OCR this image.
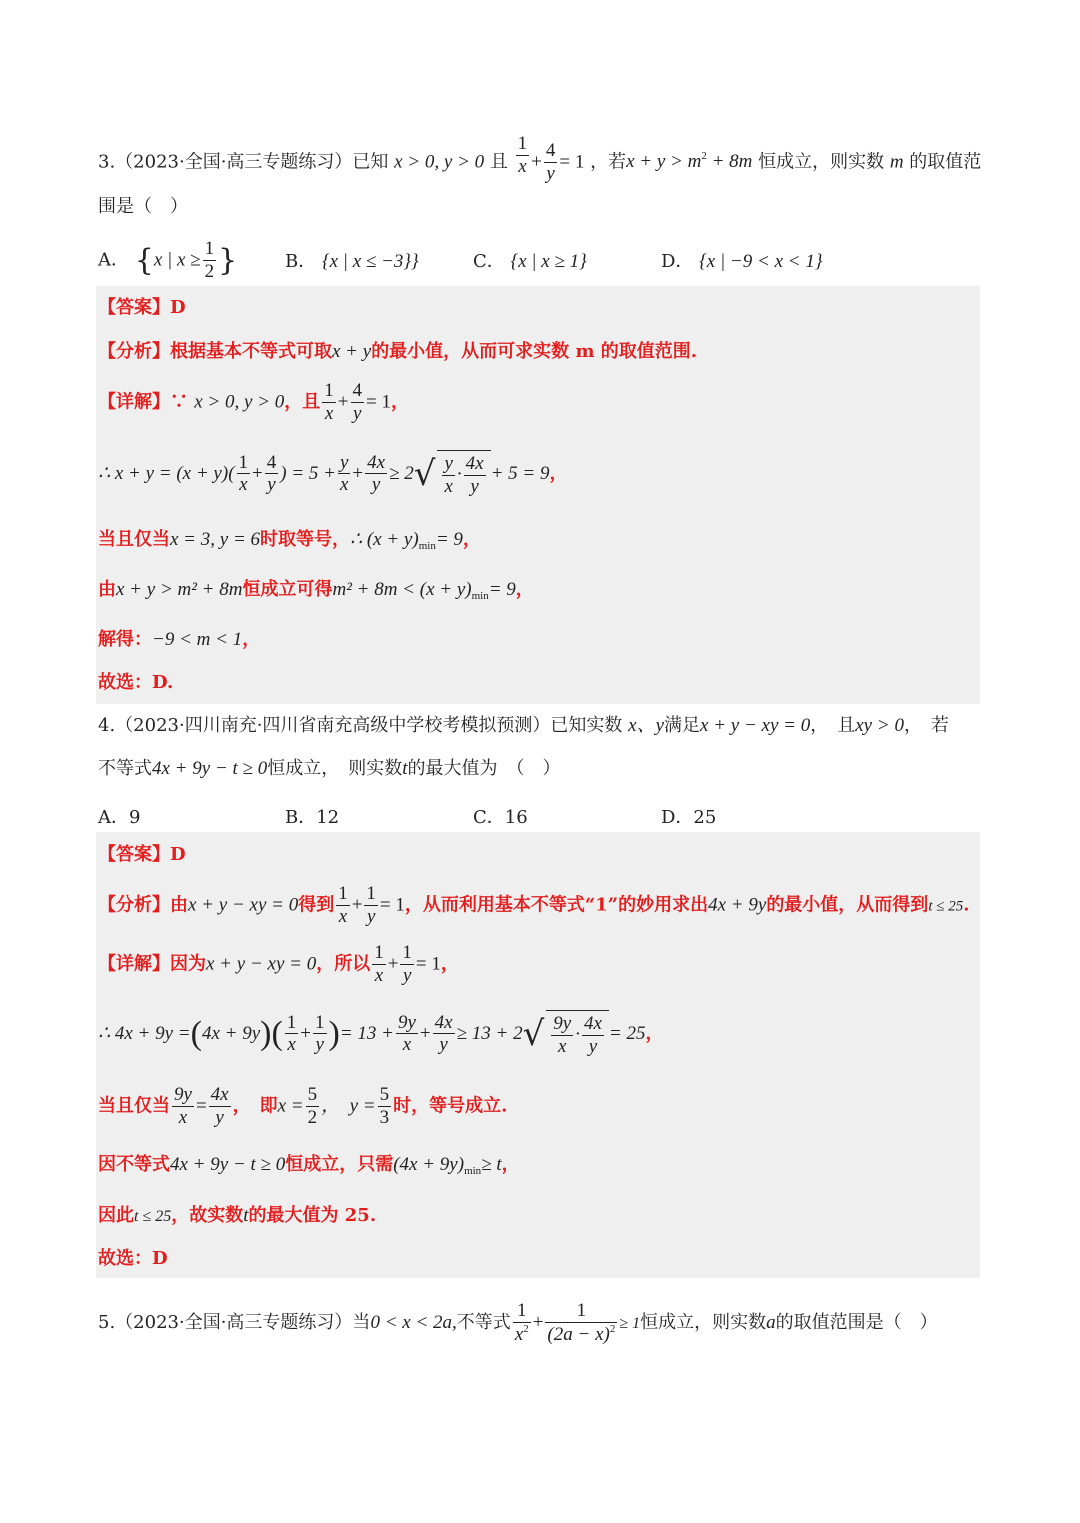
3.（2023·全国·高三专题练习）已知 x > 0, y > 0 且 $\frac{1}{x} + \frac{4}{y} = 1$ ，若$x + y > m^2 + 8m$ 恒成立，则实数 m 的取值范
围是（　）
A． {x | $x \ge \frac{1}{2}$ }	B． {x | x ≤ −3}}	C． {x | x ≥ 1}	D． {x | −9 < x < 1}
【答案】D
【分析】根据基本不等式可取x + y的最小值，从而可求实数 m 的取值范围.
【详解】∵ x > 0, y > 0，且 $\frac{1}{x} + \frac{4}{y} = 1$，
∴ $x + y = (x + y)( \frac{1}{x} + \frac{4}{y}$ ) = $5 + \frac{y}{x} + \frac{4x}{y} \ge 2√ \frac{y}{x} \cdot \frac{4x}{y} + 5 = 9$，
当且仅当x = 3, y = 6时取等号，∴ $(x + y)_{min}= 9$，
由x + y > m² + 8m恒成立可得$m^2 + 8m < (x + y)_{min}= 9$，
解得：−9 < m < 1，
故选：D.
4.（2023·四川南充·四川省南充高级中学校考模拟预测）已知实数 x、y满足x + y − xy = 0，　且xy > 0，　若
不等式4x + 9y − t ≥ 0恒成立，　则实数t的最大值为　（　）
A．9	B．12	C．16	D．25
【答案】D
【分析】由x + y − xy = 0得到 $\frac{1}{x} + \frac{1}{y} = 1$，从而利用基本不等式“1”的妙用求出4x + 9y的最小值，从而得到t ≤ 25.
【详解】因为x + y − xy = 0，所以 $\frac{1}{x} + \frac{1}{y} = 1$，
∴ $4x + 9y =(4x + 9y)( \frac{1}{x} + \frac{1}{y}$ )= $13 + \frac{9y}{x} + \frac{4x}{y} \ge 13 + 2√ \frac{9y}{x} \cdot \frac{4x}{y} = 25$，
当且仅当 $\frac{9y}{x} = \frac{4x}{y}$ ，　即$x = \frac{5}{2}$ ，　$y = \frac{5}{3}$ 时，等号成立.
因不等式4x + 9y − t ≥ 0恒成立，只需$(4x + 9y)_{min}\ge t$，
因此t ≤ 25，故实数t的最大值为 25.
故选：D
5.（2023·全国·高三专题练习）当0 < x < 2a,不等式 $\frac{1}{x^2} + \frac{1}{(2a - x)^2} \ge 1$恒成立，则实数a的取值范围是（　）
